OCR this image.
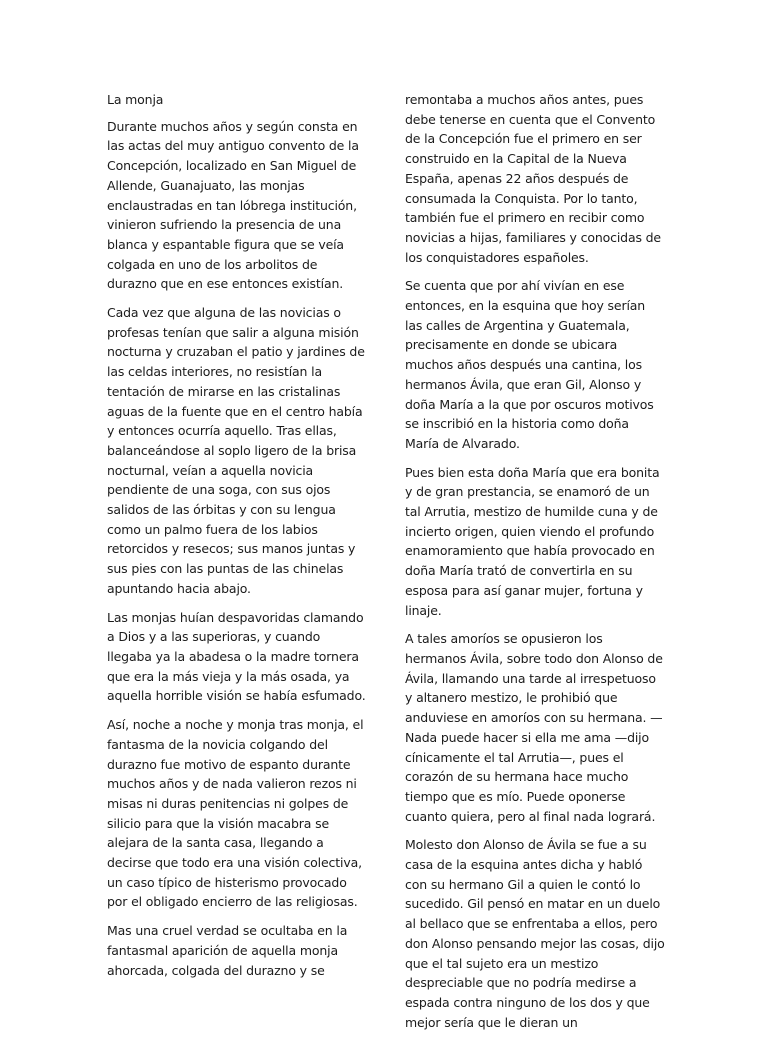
La monja

Durante muchos años y según consta en las actas del muy antiguo convento de la Concepción, localizado en San Miguel de Allende, Guanajuato, las monjas enclaustradas en tan lóbrega institución, vinieron sufriendo la presencia de una blanca y espantable figura que se veía colgada en uno de los arbolitos de durazno que en ese entonces existían.

Cada vez que alguna de las novicias o profesas tenían que salir a alguna misión nocturna y cruzaban el patio y jardines de las celdas interiores, no resistían la tentación de mirarse en las cristalinas aguas de la fuente que en el centro había y entonces ocurría aquello. Tras ellas, balanceándose al soplo ligero de la brisa nocturnal, veían a aquella novicia pendiente de una soga, con sus ojos salidos de las órbitas y con su lengua como un palmo fuera de los labios retorcidos y resecos; sus manos juntas y sus pies con las puntas de las chinelas apuntando hacia abajo.

Las monjas huían despavoridas clamando a Dios y a las superioras, y cuando llegaba ya la abadesa o la madre tornera que era la más vieja y la más osada, ya aquella horrible visión se había esfumado.

Así, noche a noche y monja tras monja, el fantasma de la novicia colgando del durazno fue motivo de espanto durante muchos años y de nada valieron rezos ni misas ni duras penitencias ni golpes de silicio para que la visión macabra se alejara de la santa casa, llegando a decirse que todo era una visión colectiva, un caso típico de histerismo provocado por el obligado encierro de las religiosas.

Mas una cruel verdad se ocultaba en la fantasmal aparición de aquella monja ahorcada, colgada del durazno y se

remontaba a muchos años antes, pues debe tenerse en cuenta que el Convento de la Concepción fue el primero en ser construido en la Capital de la Nueva España, apenas 22 años después de consumada la Conquista. Por lo tanto, también fue el primero en recibir como novicias a hijas, familiares y conocidas de los conquistadores españoles.

Se cuenta que por ahí vivían en ese entonces, en la esquina que hoy serían las calles de Argentina y Guatemala, precisamente en donde se ubicara muchos años después una cantina, los hermanos Ávila, que eran Gil, Alonso y doña María a la que por oscuros motivos se inscribió en la historia como doña María de Alvarado.

Pues bien esta doña María que era bonita y de gran prestancia, se enamoró de un tal Arrutia, mestizo de humilde cuna y de incierto origen, quien viendo el profundo enamoramiento que había provocado en doña María trató de convertirla en su esposa para así ganar mujer, fortuna y linaje.

A tales amoríos se opusieron los hermanos Ávila, sobre todo don Alonso de Ávila, llamando una tarde al irrespetuoso y altanero mestizo, le prohibió que anduviese en amoríos con su hermana. —Nada puede hacer si ella me ama —dijo cínicamente el tal Arrutia—, pues el corazón de su hermana hace mucho tiempo que es mío. Puede oponerse cuanto quiera, pero al final nada logrará.

Molesto don Alonso de Ávila se fue a su casa de la esquina antes dicha y habló con su hermano Gil a quien le contó lo sucedido. Gil pensó en matar en un duelo al bellaco que se enfrentaba a ellos, pero don Alonso pensando mejor las cosas, dijo que el tal sujeto era un mestizo despreciable que no podría medirse a espada contra ninguno de los dos y que mejor sería que le dieran un
